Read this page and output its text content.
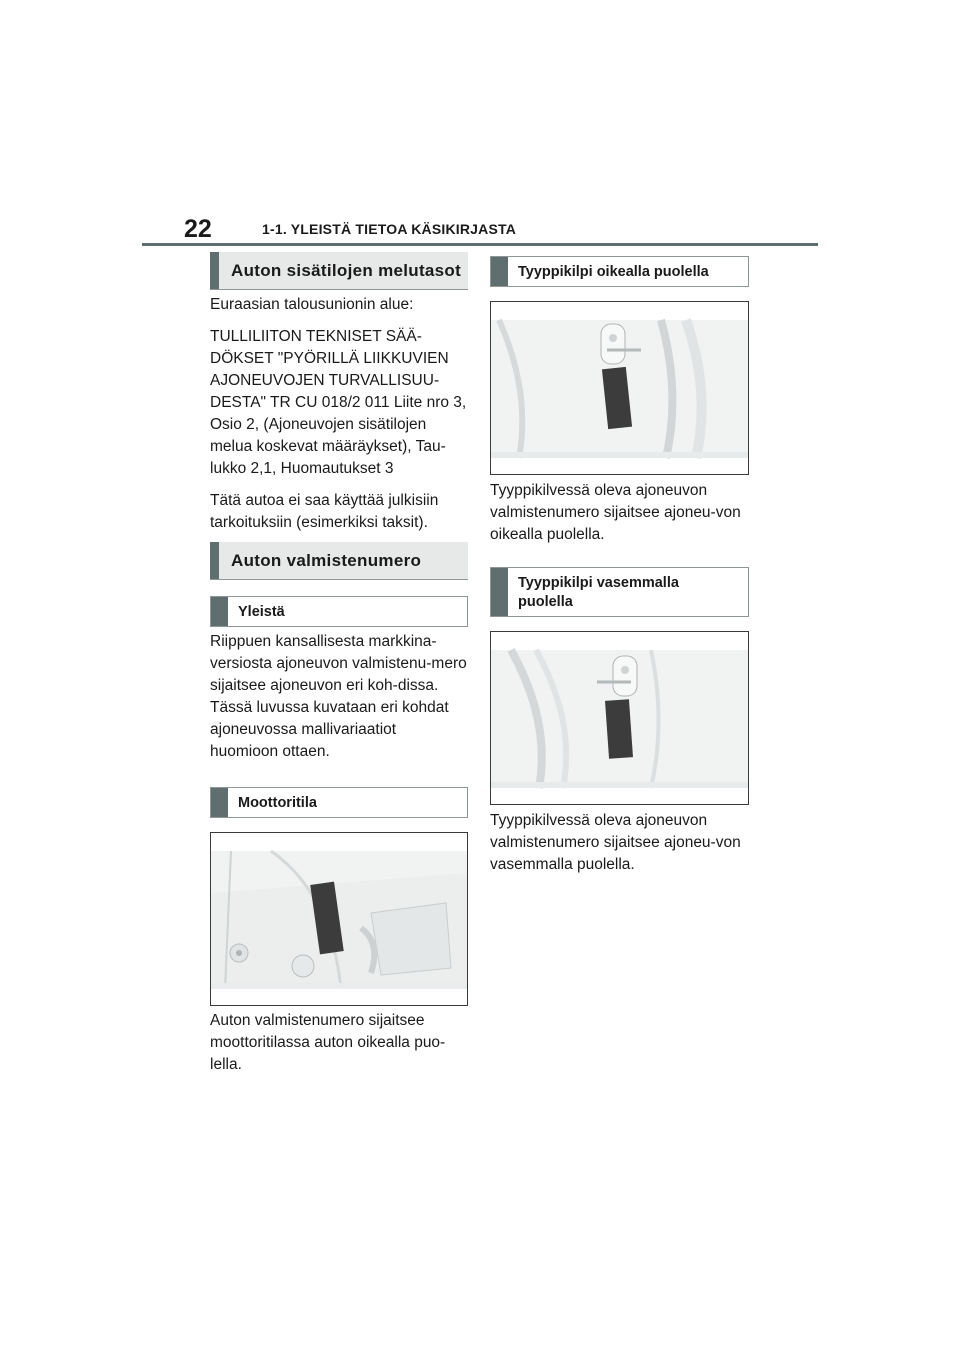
22	1-1. YLEISTÄ TIETOA KÄSIKIRJASTA
Auton sisätilojen melutasot

Euraasian talousunionin alue:

TULLILIITON TEKNISET SÄÄ-DÖKSET "PYÖRILLÄ LIIKKUVIEN AJONEUVOJEN TURVALLISUU-DESTA" TR CU 018/2 011 Liite nro 3, Osio 2, (Ajoneuvojen sisätilojen melua koskevat määräykset), Tau-lukko 2,1, Huomautukset 3

Tätä autoa ei saa käyttää julkisiin tarkoituksiin (esimerkiksi taksit).

Auton valmistenumero
Yleistä

Riippuen kansallisesta markkina-versiosta ajoneuvon valmistenu-mero sijaitsee ajoneuvon eri koh-dissa. Tässä luvussa kuvataan eri kohdat ajoneuvossa mallivariaatiot huomioon ottaen.

Moottoritila

Auton valmistenumero sijaitsee moottoritilassa auton oikealla puo-lella.

Tyyppikilpi oikealla puolella

Tyyppikilvessä oleva ajoneuvon valmistenumero sijaitsee ajoneu-von oikealla puolella.

Tyyppikilpi vasemmalla puolella

Tyyppikilvessä oleva ajoneuvon valmistenumero sijaitsee ajoneu-von vasemmalla puolella.
